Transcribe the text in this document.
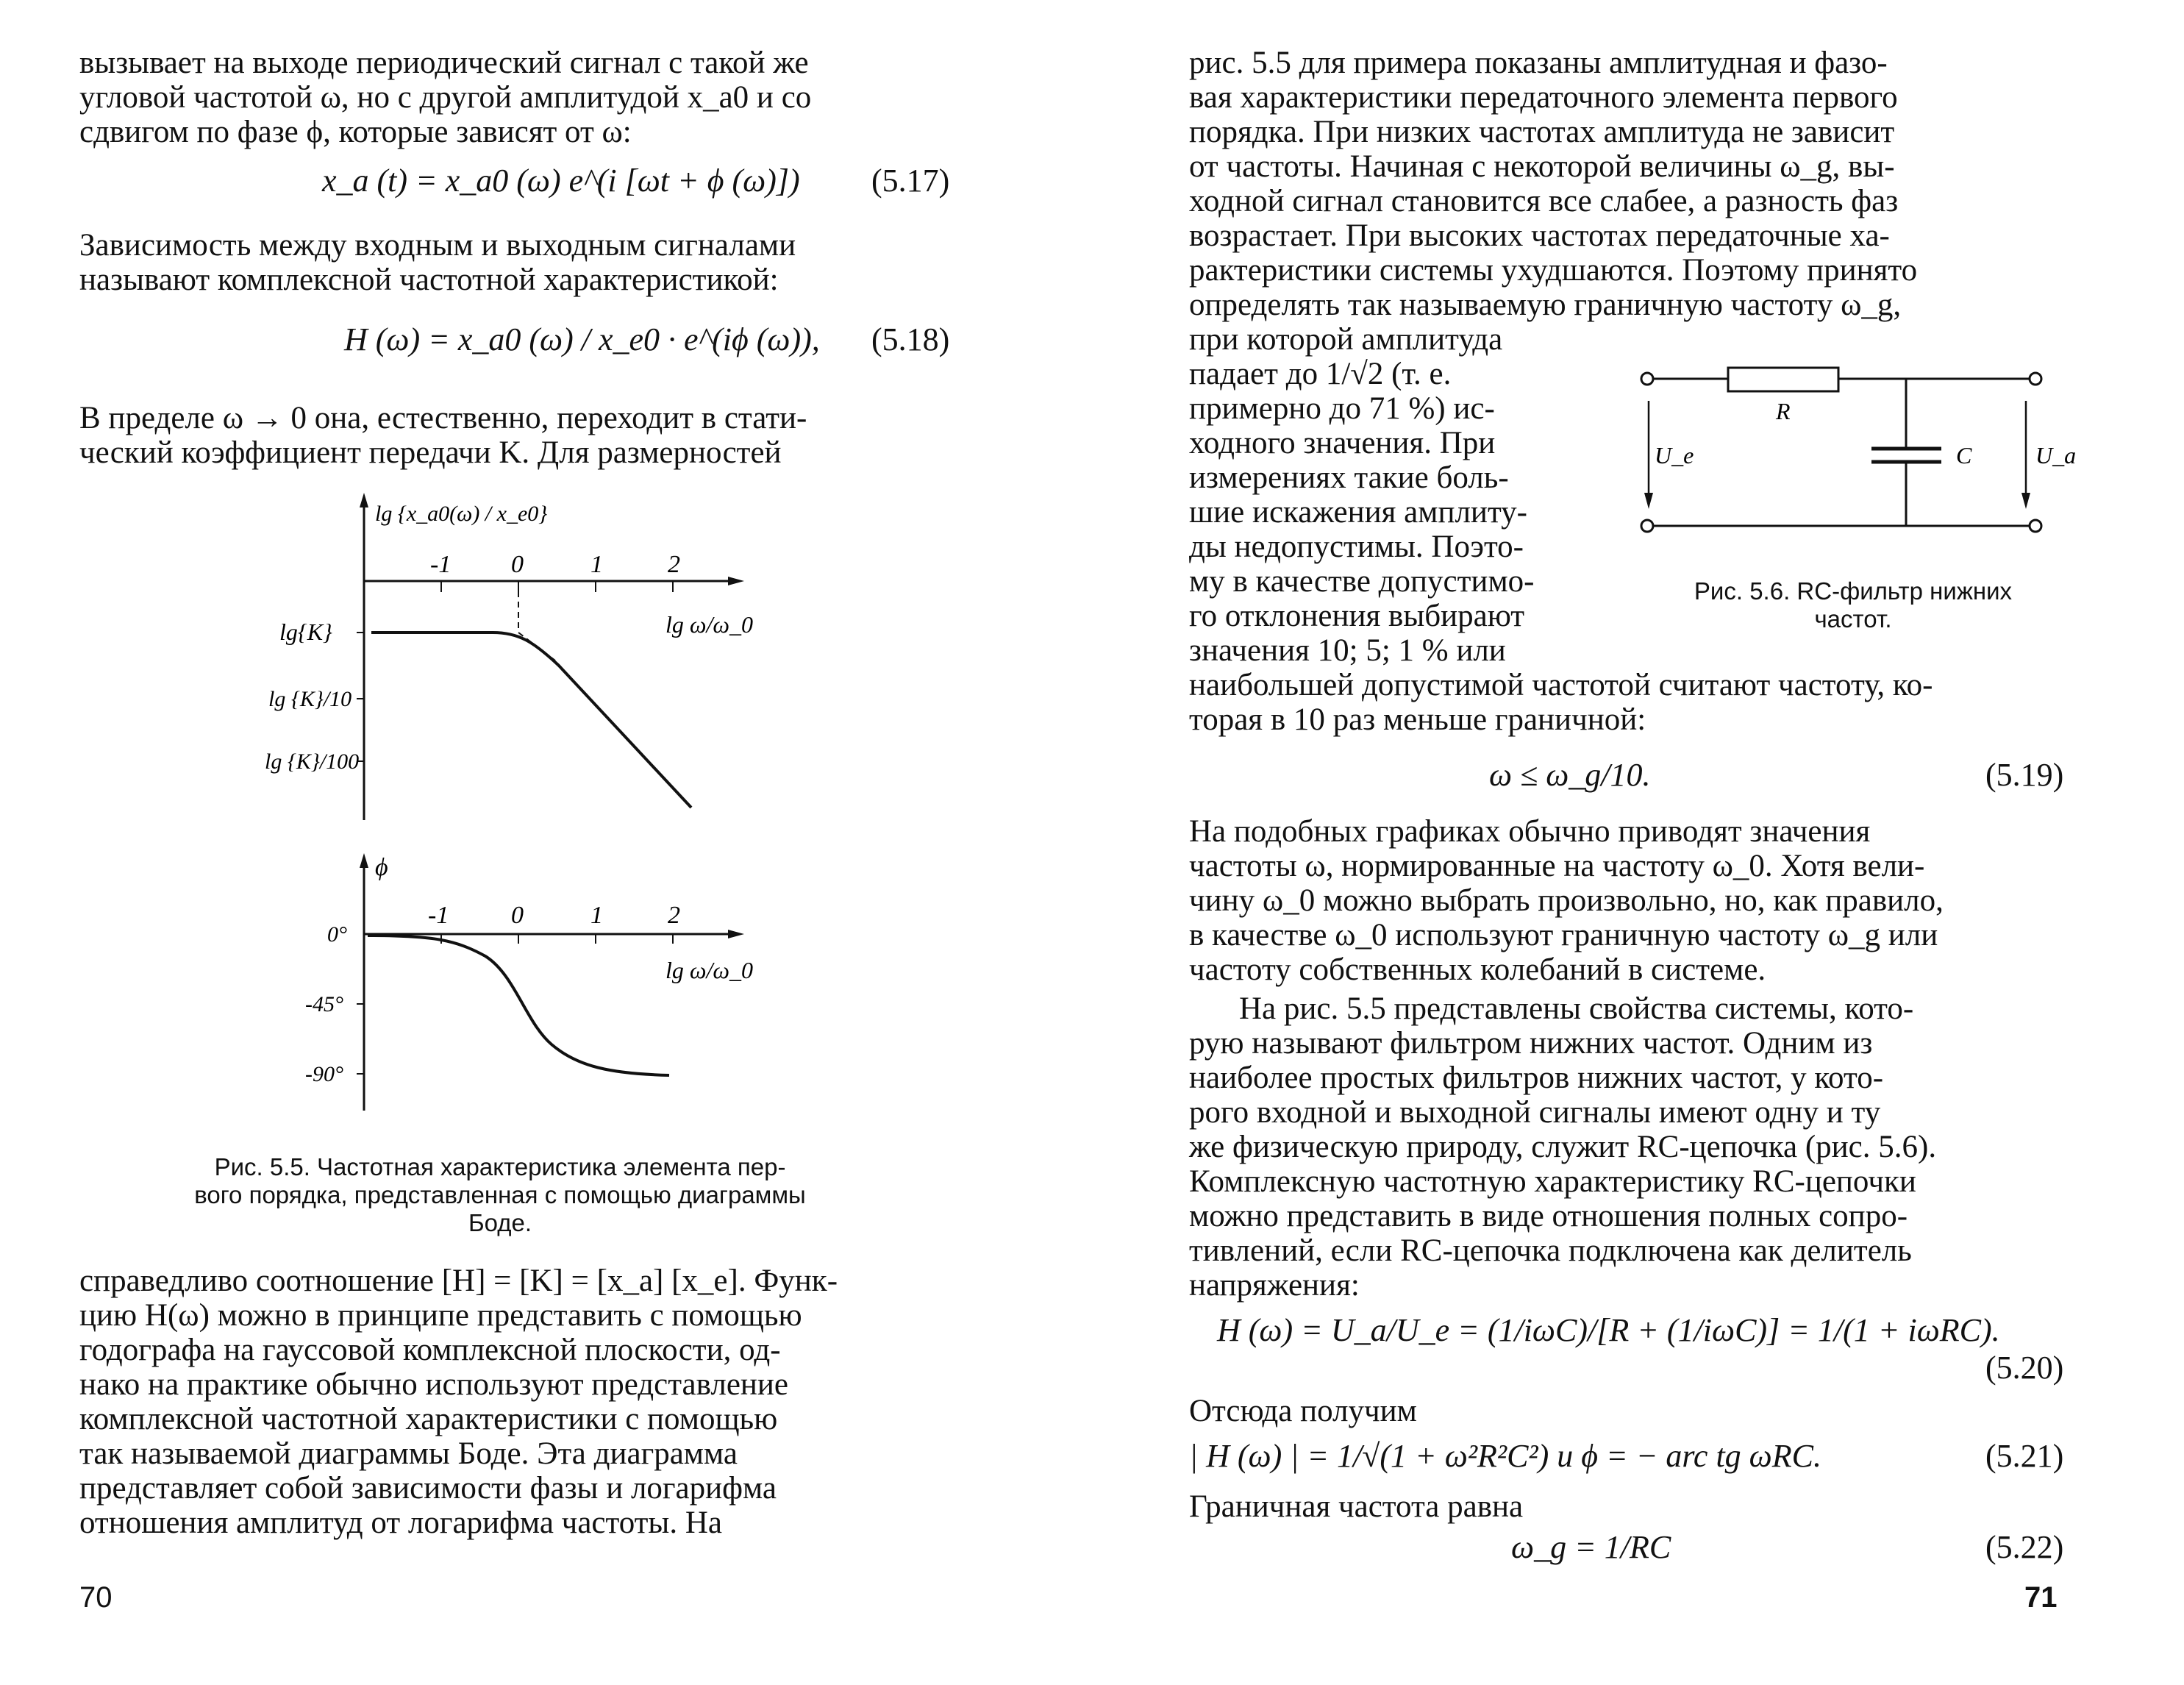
вызывает на выходе периодический сигнал с такой же
угловой частотой ω, но с другой амплитудой x_a0 и со
сдвигом по фазе ϕ, которые зависят от ω:
x_a (t) = x_a0 (ω) e^(i [ωt + ϕ (ω)]) (5.17)
Зависимость между входным и выходным сигналами
называют комплексной частотной характеристикой:
H (ω) = x_a0 (ω) / x_e0 · e^(iϕ (ω)), (5.18)
В пределе ω → 0 она, естественно, переходит в стати-
ческий коэффициент передачи K. Для размерностей
-1 0	1	2
lg {x_a0(ω) / x_e0}
lg ω/ω_0
lg{K}
lg {K}/10
lg {K}/100
-1 0	1	2
ϕ
lg ω/ω_0
0°
-45°
-90°
Рис. 5.5. Частотная характеристика элемента пер-
вого порядка, представленная с помощью диаграммы
Боде.
справедливо соотношение [H] = [K] = [x_a] [x_e]. Функ-
цию H(ω) можно в принципе представить с помощью
годографа на гауссовой комплексной плоскости, од-
нако на практике обычно используют представление
комплексной частотной характеристики с помощью
так называемой диаграммы Боде. Эта диаграмма
представляет собой зависимости фазы и логарифма
отношения амплитуд от логарифма частоты. На
70
рис. 5.5 для примера показаны амплитудная и фазо-
вая характеристики передаточного элемента первого
порядка. При низких частотах амплитуда не зависит
от частоты. Начиная с некоторой величины ω_g, вы-
ходной сигнал становится все слабее, а разность фаз
возрастает. При высоких частотах передаточные ха-
рактеристики системы ухудшаются. Поэтому принято
определять так называемую граничную частоту ω_g,
при которой амплитуда
падает до 1/√2 (т. е.
примерно до 71 %) ис-
ходного значения. При
измерениях такие боль-
шие искажения амплиту-
ды недопустимы. Поэто-
му в качестве допустимо-
го отклонения выбирают
значения 10; 5; 1 % или
R
C
U_e	U_a
Рис. 5.6. RC-фильтр нижних
частот.
наибольшей допустимой частотой считают частоту, ко-
торая в 10 раз меньше граничной:
ω ≤ ω_g/10.	(5.19)
На подобных графиках обычно приводят значения
частоты ω, нормированные на частоту ω_0. Хотя вели-
чину ω_0 можно выбрать произвольно, но, как правило,
в качестве ω_0 используют граничную частоту ω_g или
частоту собственных колебаний в системе.
На рис. 5.5 представлены свойства системы, кото-
рую называют фильтром нижних частот. Одним из
наиболее простых фильтров нижних частот, у кото-
рого входной и выходной сигналы имеют одну и ту
же физическую природу, служит RC-цепочка (рис. 5.6).
Комплексную частотную характеристику RC-цепочки
можно представить в виде отношения полных сопро-
тивлений, если RC-цепочка подключена как делитель
напряжения:
H (ω) = U_a/U_e = (1/iωC)/[R + (1/iωC)] = 1/(1 + iωRC).
(5.20)
Отсюда получим
| H (ω) | = 1/√(1 + ω²R²C²) и ϕ = − arc tg ωRC.	(5.21)
Граничная частота равна
ω_g = 1/RC	(5.22)
71
